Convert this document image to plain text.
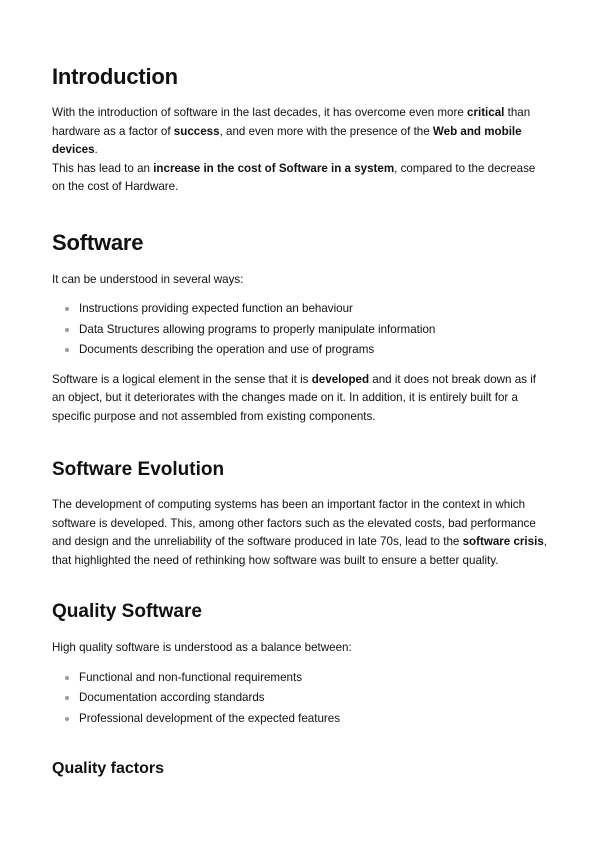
Introduction

With the introduction of software in the last decades, it has overcome even more critical than hardware as a factor of success, and even more with the presence of the Web and mobile devices.
This has lead to an increase in the cost of Software in a system, compared to the decrease on the cost of Hardware.

Software

It can be understood in several ways:

Instructions providing expected function an behaviour
Data Structures allowing programs to properly manipulate information
Documents describing the operation and use of programs

Software is a logical element in the sense that it is developed and it does not break down as if an object, but it deteriorates with the changes made on it. In addition, it is entirely built for a specific purpose and not assembled from existing components.

Software Evolution

The development of computing systems has been an important factor in the context in which software is developed. This, among other factors such as the elevated costs, bad performance and design and the unreliability of the software produced in late 70s, lead to the software crisis, that highlighted the need of rethinking how software was built to ensure a better quality.

Quality Software

High quality software is understood as a balance between:

Functional and non-functional requirements
Documentation according standards
Professional development of the expected features
Quality factors
